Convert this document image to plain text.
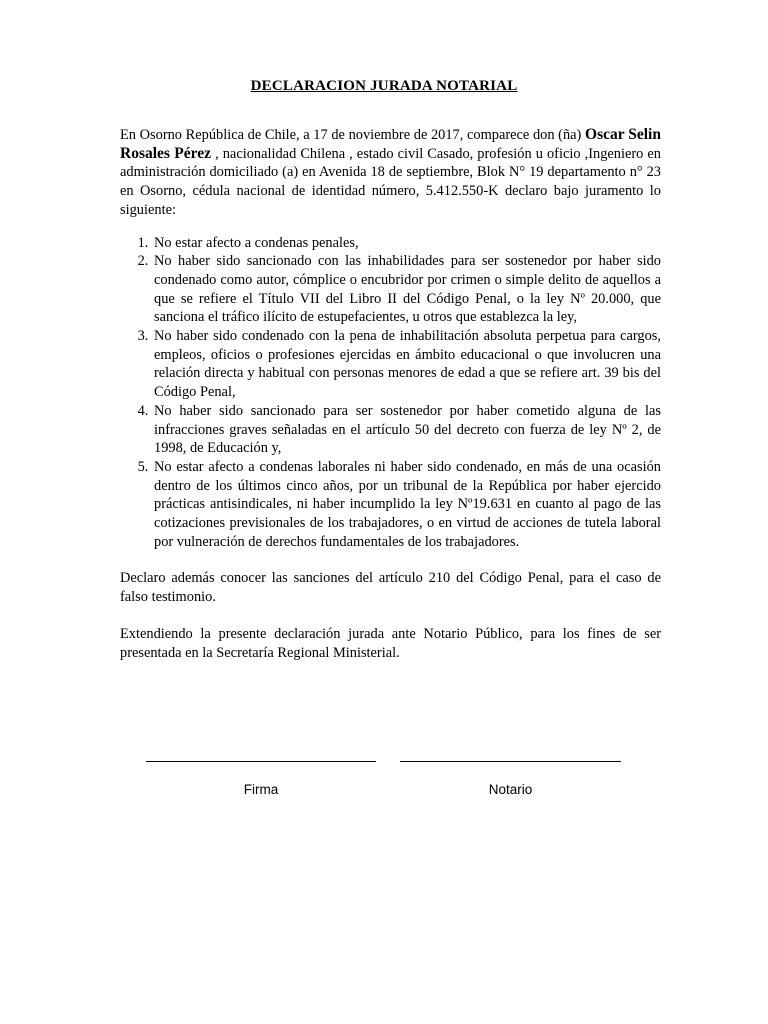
DECLARACION JURADA NOTARIAL
En Osorno República de Chile, a 17 de noviembre de 2017, comparece don (ña) Oscar Selin Rosales Pérez , nacionalidad Chilena , estado civil Casado, profesión u oficio ,Ingeniero en administración domiciliado (a) en Avenida 18 de septiembre, Blok N° 19 departamento n° 23 en Osorno, cédula nacional de identidad número, 5.412.550-K declaro bajo juramento lo siguiente:
1. No estar afecto a condenas penales,
2. No haber sido sancionado con las inhabilidades para ser sostenedor por haber sido condenado como autor, cómplice o encubridor por crimen o simple delito de aquellos a que se refiere el Título VII del Libro II del Código Penal, o la ley Nº 20.000, que sanciona el tráfico ilícito de estupefacientes, u otros que establezca la ley,
3. No haber sido condenado con la pena de inhabilitación absoluta perpetua para cargos, empleos, oficios o profesiones ejercidas en ámbito educacional o que involucren una relación directa y habitual con personas menores de edad a que se refiere art. 39 bis del Código Penal,
4. No haber sido sancionado para ser sostenedor por haber cometido alguna de las infracciones graves señaladas en el artículo 50 del decreto con fuerza de ley Nº 2, de 1998, de Educación y,
5. No estar afecto a condenas laborales ni haber sido condenado, en más de una ocasión dentro de los últimos cinco años, por un tribunal de la República por haber ejercido prácticas antisindicales, ni haber incumplido la ley Nº19.631 en cuanto al pago de las cotizaciones previsionales de los trabajadores, o en virtud de acciones de tutela laboral por vulneración de derechos fundamentales de los trabajadores.

Declaro además conocer las sanciones del artículo 210 del Código Penal, para el caso de falso testimonio.

Extendiendo la presente declaración jurada ante Notario Público, para los fines de ser presentada en la Secretaría Regional Ministerial.

Firma	Notario
